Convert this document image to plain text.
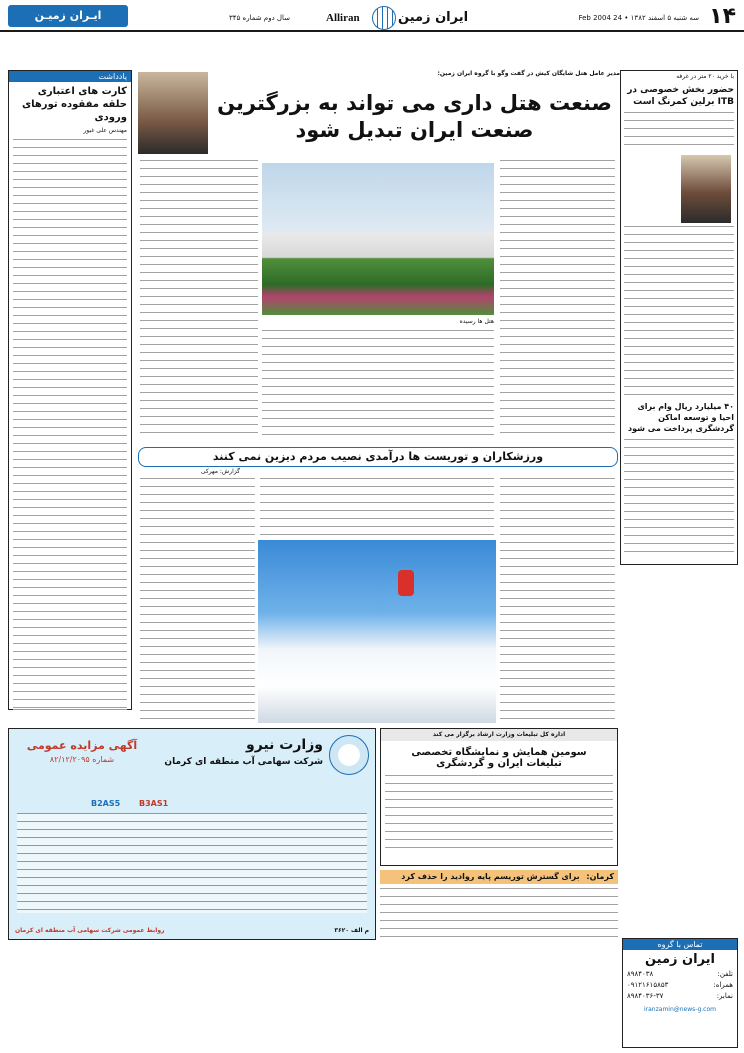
۱۴
سه شنبه ۵ اسفند ۱۳۸۲ • 24 Feb 2004
Alliran	ایران زمین
سال دوم شماره ۳۴۵
ایـران زمیـن
یادداشت
کارت های اعتباری حلقه مفقوده تورهای ورودی
مهندس علی غیور
مدیر عامل هتل شایگان کیش در گفت وگو با گروه ایران زمین:
صنعت هتل داری می تواند به بزرگترین
صنعت ایران تبدیل شود
هتل ها رسیده
با خرید ۲۰ متر در غرفه
حضور بخش خصوصی در ITB برلین کمرنگ است
۴۰ میلیارد ریال وام برای احیا و توسعه اماکن گردشگری پرداخت می شود
ورزشکاران و توریست ها درآمدی نصیب مردم دیزین نمی کنند
گزارش: مهرکی
اداره کل تبلیغات وزارت ارشاد برگزار می کند
سومین همایش و نمایشگاه تخصصی
تبلیغات ایران و گردشگری
کرمان: برای گسترش توریسم پایه روادید را حذف کرد
وزارت نیرو
شرکت سهامی آب منطقه ای کرمان
آگهی مزایده عمومی
شماره ۸۲/۱۲/۲۰۹۵
B3AS1
B2AS5
م الف ۳۶۲۰
روابط عمومی شرکت سهامی آب منطقه ای کرمان
تماس با گروه
ایران زمین
تلفن:
۸۹۸۴۰۳۸
همراه:
۰۹۱۲۱۶۱۵۸۵۳
نمابر:
۸۹۸۴۰۳۶-۳۷
iranzamin@news-g.com
